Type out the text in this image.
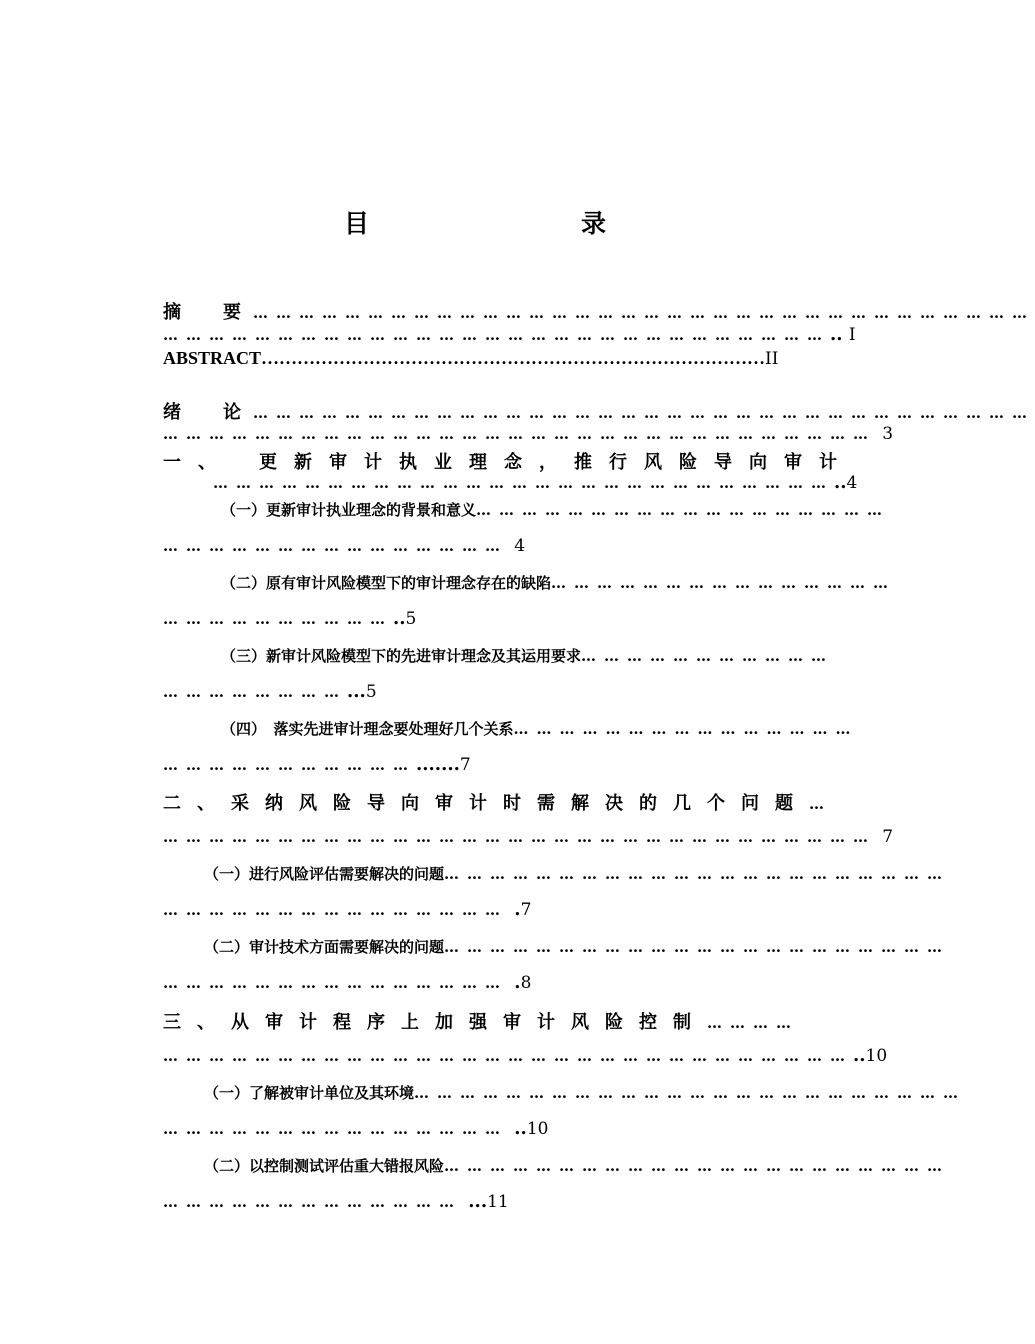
目　　录
摘　要…………………………………………………………………………………………
…………………………………………………………………………….. I
ABSTRACT…………………………………………………………………………II
绪　论…………………………………………………………………………………………
………………………………………………………………………………… 3
一、　更新审计执业理念，推行风险导向审计
………………………………………………………………………..4
（一）更新审计执业理念的背景和意义………………………………………………
……………………………………… 4
（二）原有审计风险模型下的审计理念存在的缺陷………………………………………
…………………………..5
（三）新审计风险模型下的先进审计理念及其运用要求……………………………
……………………...5
（四）　落实先进审计理念要处理好几个关系………………………………………
…………………………….......7
二、采纳风险导向审计时需解决的几个问题…
………………………………………………………………………………… 7
（一）进行风险评估需要解决的问题…………………………………………………………
……………………………………… .7
（二）审计技术方面需要解决的问题…………………………………………………………
……………………………………… .8
三、从审计程序上加强审计风险控制…………
………………………………………………………………………………..10
（一）了解被审计单位及其环境………………………………………………………………
……………………………………… ..10
（二）以控制测试评估重大错报风险…………………………………………………………
………………………………… ...11
